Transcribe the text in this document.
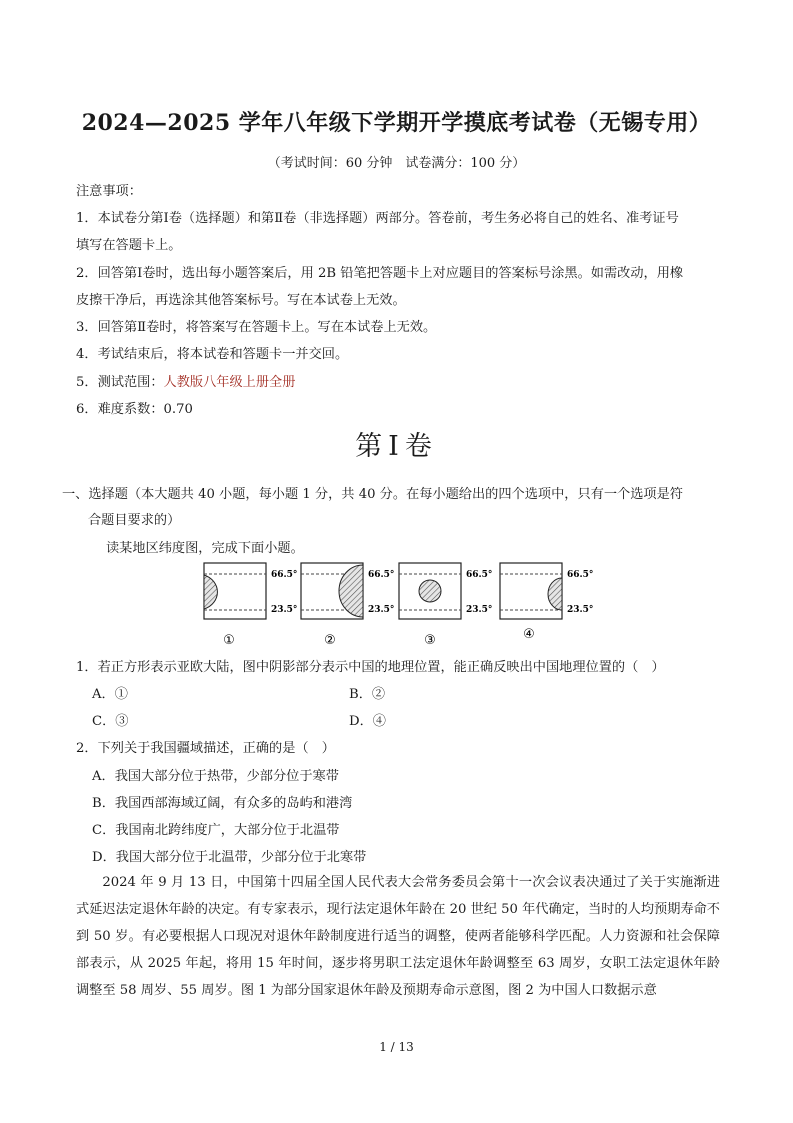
2024—2025 学年八年级下学期开学摸底考试卷（无锡专用）
（考试时间：60 分钟　试卷满分：100 分）
注意事项：
1．本试卷分第Ⅰ卷（选择题）和第Ⅱ卷（非选择题）两部分。答卷前，考生务必将自己的姓名、准考证号
填写在答题卡上。
2．回答第Ⅰ卷时，选出每小题答案后，用 2B 铅笔把答题卡上对应题目的答案标号涂黑。如需改动，用橡
皮擦干净后，再选涂其他答案标号。写在本试卷上无效。
3．回答第Ⅱ卷时，将答案写在答题卡上。写在本试卷上无效。
4．考试结束后，将本试卷和答题卡一并交回。
5．测试范围：人教版八年级上册全册
6．难度系数：0.70
第Ⅰ卷
一、选择题（本大题共 40 小题，每小题 1 分，共 40 分。在每小题给出的四个选项中，只有一个选项是符
合题目要求的）
读某地区纬度图，完成下面小题。
66.5°
23.5°
①
66.5°
23.5°
②
66.5°
23.5°
③
66.5°
23.5°
④
1．若正方形表示亚欧大陆，图中阴影部分表示中国的地理位置，能正确反映出中国地理位置的（　）
A．①	B．②
C．③	D．④
2．下列关于我国疆域描述，正确的是（　）
A．我国大部分位于热带，少部分位于寒带
B．我国西部海域辽阔，有众多的岛屿和港湾
C．我国南北跨纬度广，大部分位于北温带
D．我国大部分位于北温带，少部分位于北寒带
2024 年 9 月 13 日，中国第十四届全国人民代表大会常务委员会第十一次会议表决通过了关于实施渐进式延迟法定退休年龄的决定。有专家表示，现行法定退休年龄在 20 世纪 50 年代确定，当时的人均预期寿命不到 50 岁。有必要根据人口现况对退休年龄制度进行适当的调整，使两者能够科学匹配。人力资源和社会保障部表示，从 2025 年起，将用 15 年时间，逐步将男职工法定退休年龄调整至 63 周岁，女职工法定退休年龄调整至 58 周岁、55 周岁。图 1 为部分国家退休年龄及预期寿命示意图，图 2 为中国人口数据示意
1 / 13
